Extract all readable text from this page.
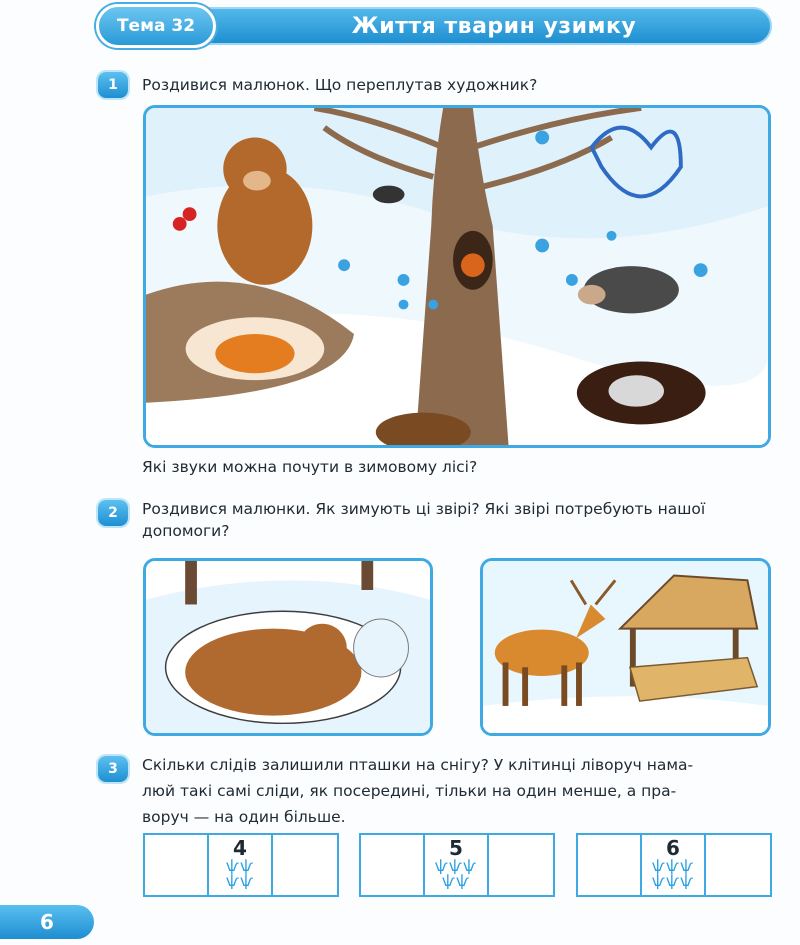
Життя тварин узимку
Тема 32
1	Роздивися малюнок. Що переплутав художник?
Які звуки можна почути в зимовому лісі?
2	Роздивися малюнки. Як зимують ці звірі? Які звірі потребують нашої допомоги?
3	Скільки слідів залишили пташки на снігу? У клітинці ліворуч нама-
люй такі самі сліди, як посередині, тільки на один менше, а пра-
воруч — на один більше.
4
ѱѱ
ѱѱ
5
ѱѱѱ
ѱѱ
6
ѱѱѱ
ѱѱѱ
6
